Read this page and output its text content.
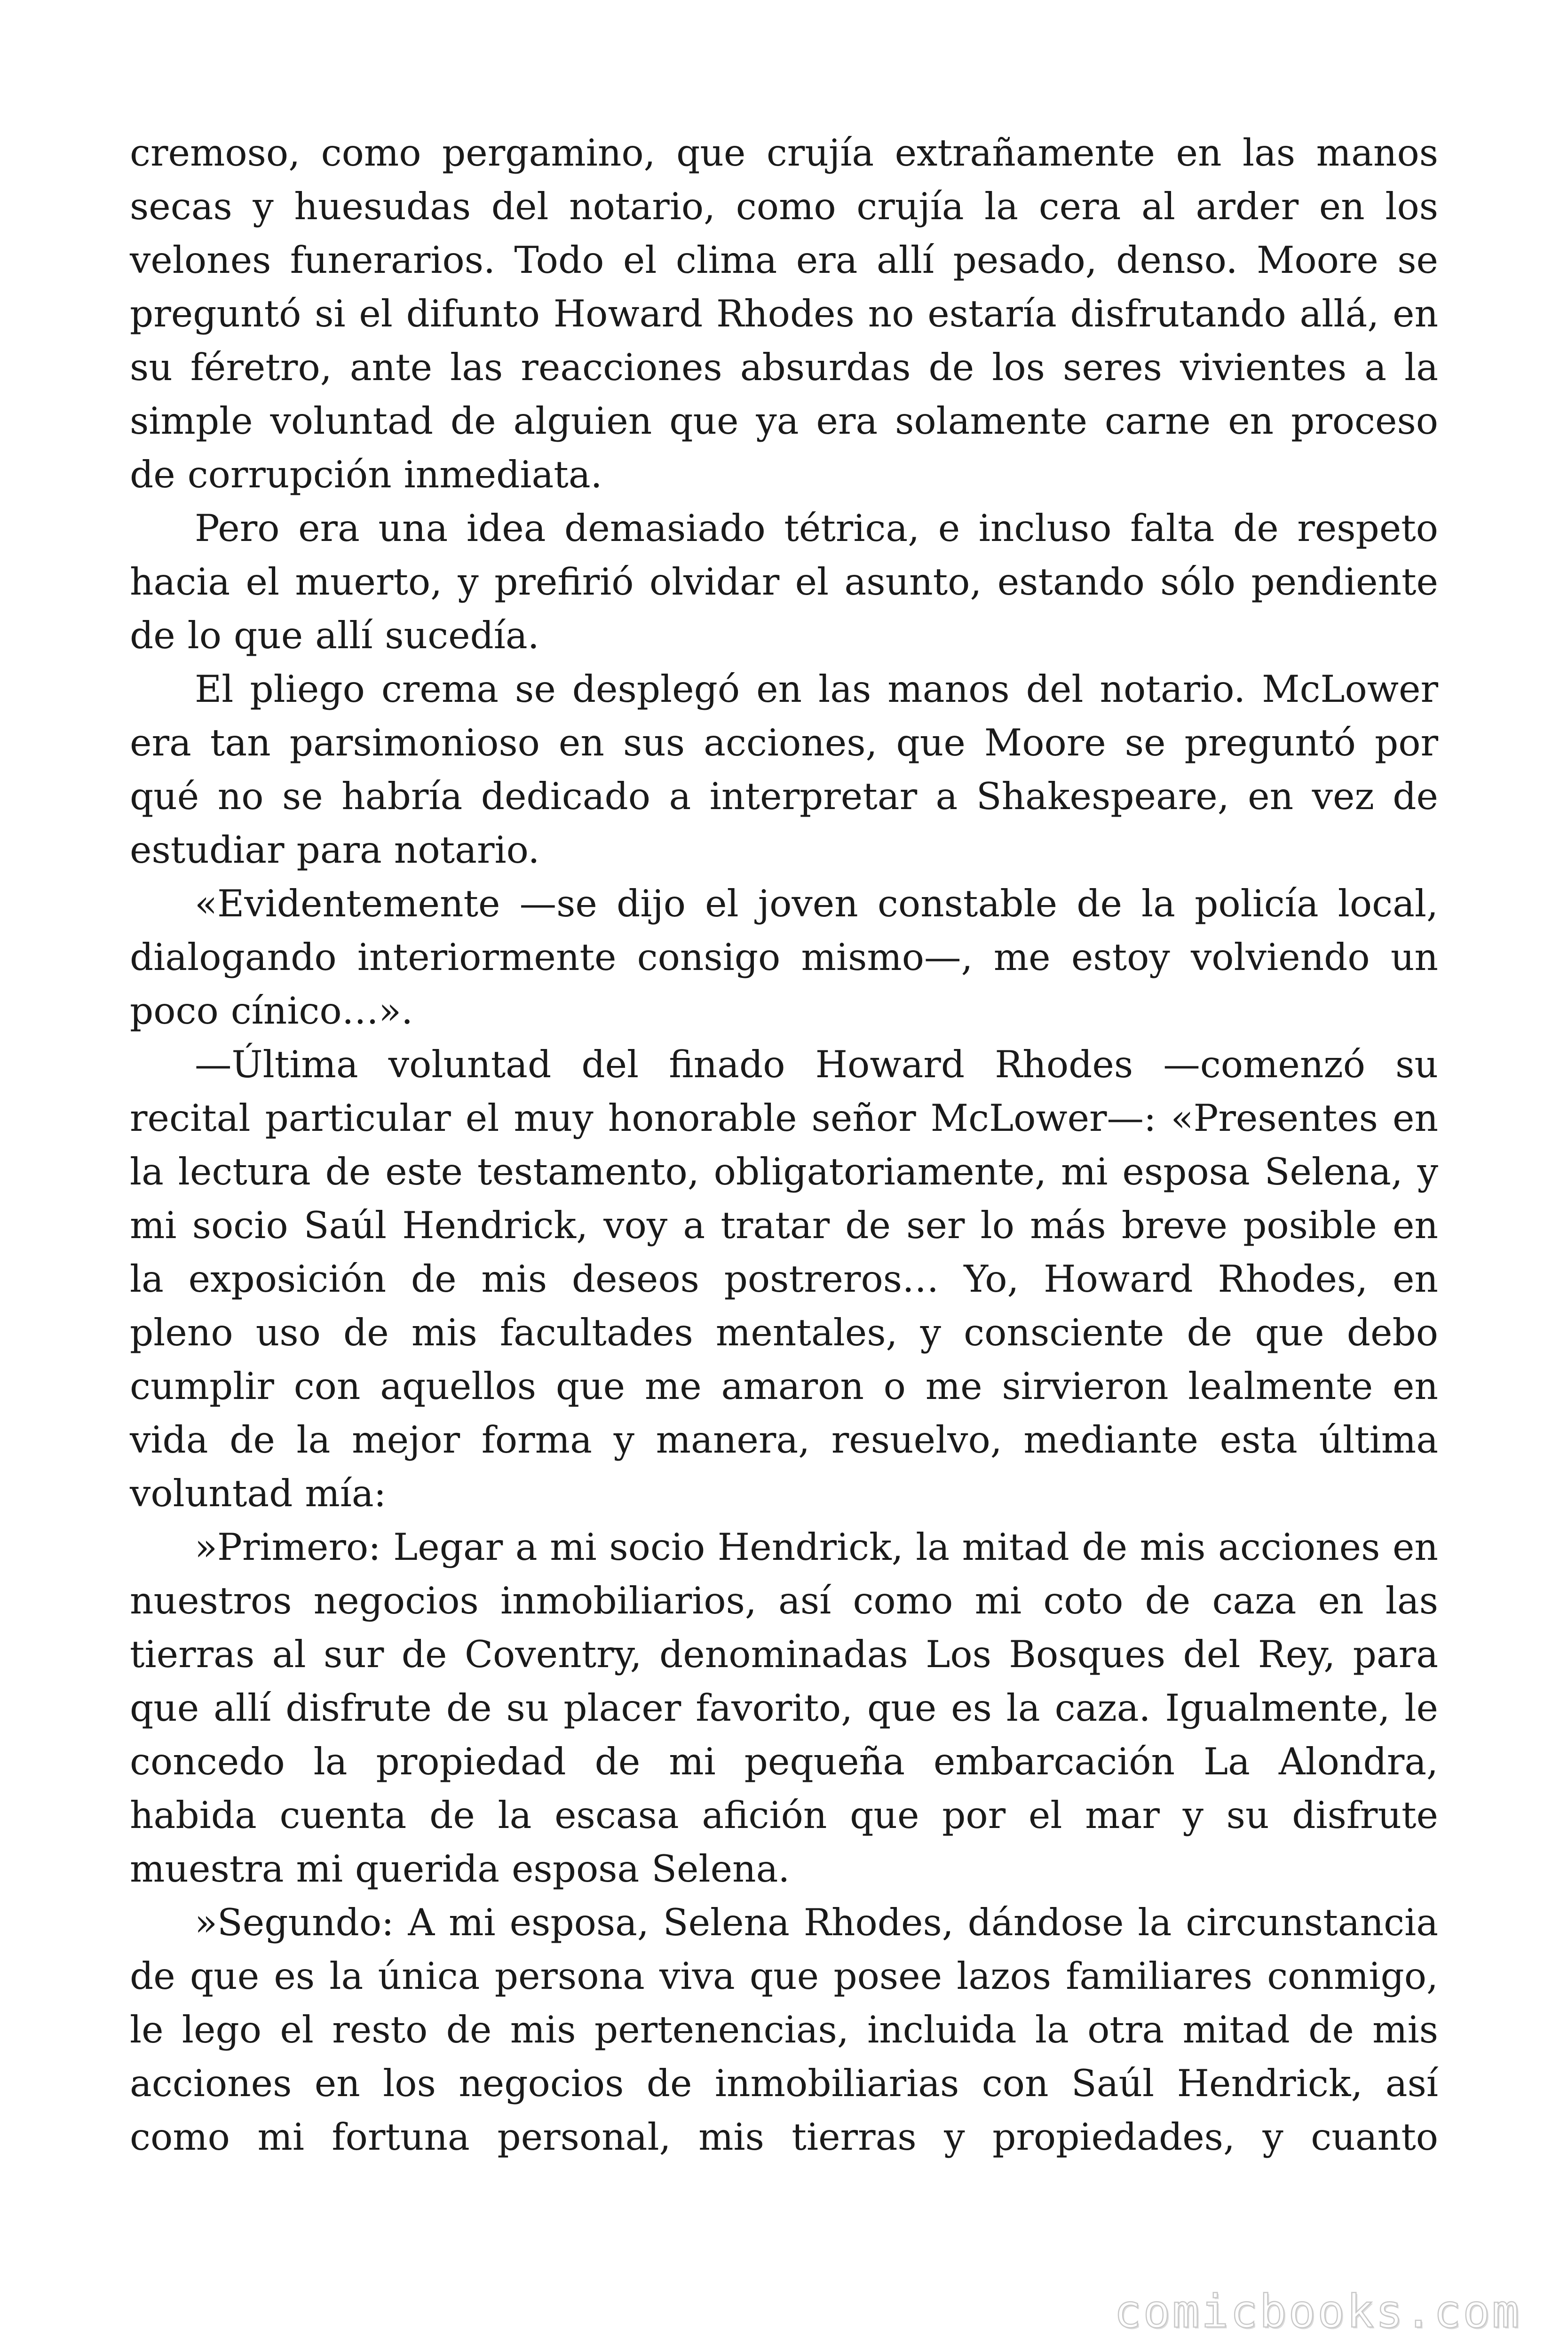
cremoso, como pergamino, que crujía extrañamente en las manos secas y huesudas del notario, como crujía la cera al arder en los velones funerarios. Todo el clima era allí pesado, denso. Moore se preguntó si el difunto Howard Rhodes no estaría disfrutando allá, en su féretro, ante las reacciones absurdas de los seres vivientes a la simple voluntad de alguien que ya era solamente carne en proceso de corrupción inmediata.

Pero era una idea demasiado tétrica, e incluso falta de respeto hacia el muerto, y prefirió olvidar el asunto, estando sólo pendiente de lo que allí sucedía.

El pliego crema se desplegó en las manos del notario. McLower era tan parsimonioso en sus acciones, que Moore se preguntó por qué no se habría dedicado a interpretar a Shakespeare, en vez de estudiar para notario.

«Evidentemente —se dijo el joven constable de la policía local, dialogando interiormente consigo mismo—, me estoy volviendo un poco cínico…».

—Última voluntad del finado Howard Rhodes —comenzó su recital particular el muy honorable señor McLower—: «Presentes en la lectura de este testamento, obligatoriamente, mi esposa Selena, y mi socio Saúl Hendrick, voy a tratar de ser lo más breve posible en la exposición de mis deseos postreros… Yo, Howard Rhodes, en pleno uso de mis facultades mentales, y consciente de que debo cumplir con aquellos que me amaron o me sirvieron lealmente en vida de la mejor forma y manera, resuelvo, mediante esta última voluntad mía:

»Primero: Legar a mi socio Hendrick, la mitad de mis acciones en nuestros negocios inmobiliarios, así como mi coto de caza en las tierras al sur de Coventry, denominadas Los Bosques del Rey, para que allí disfrute de su placer favorito, que es la caza. Igualmente, le concedo la propiedad de mi pequeña embarcación La Alondra, habida cuenta de la escasa afición que por el mar y su disfrute muestra mi querida esposa Selena.

»Segundo: A mi esposa, Selena Rhodes, dándose la circunstancia de que es la única persona viva que posee lazos familiares conmigo, le lego el resto de mis pertenencias, incluida la otra mitad de mis acciones en los negocios de inmobiliarias con Saúl Hendrick, así como mi fortuna personal, mis tierras y propiedades, y cuanto

comicbooks.com
